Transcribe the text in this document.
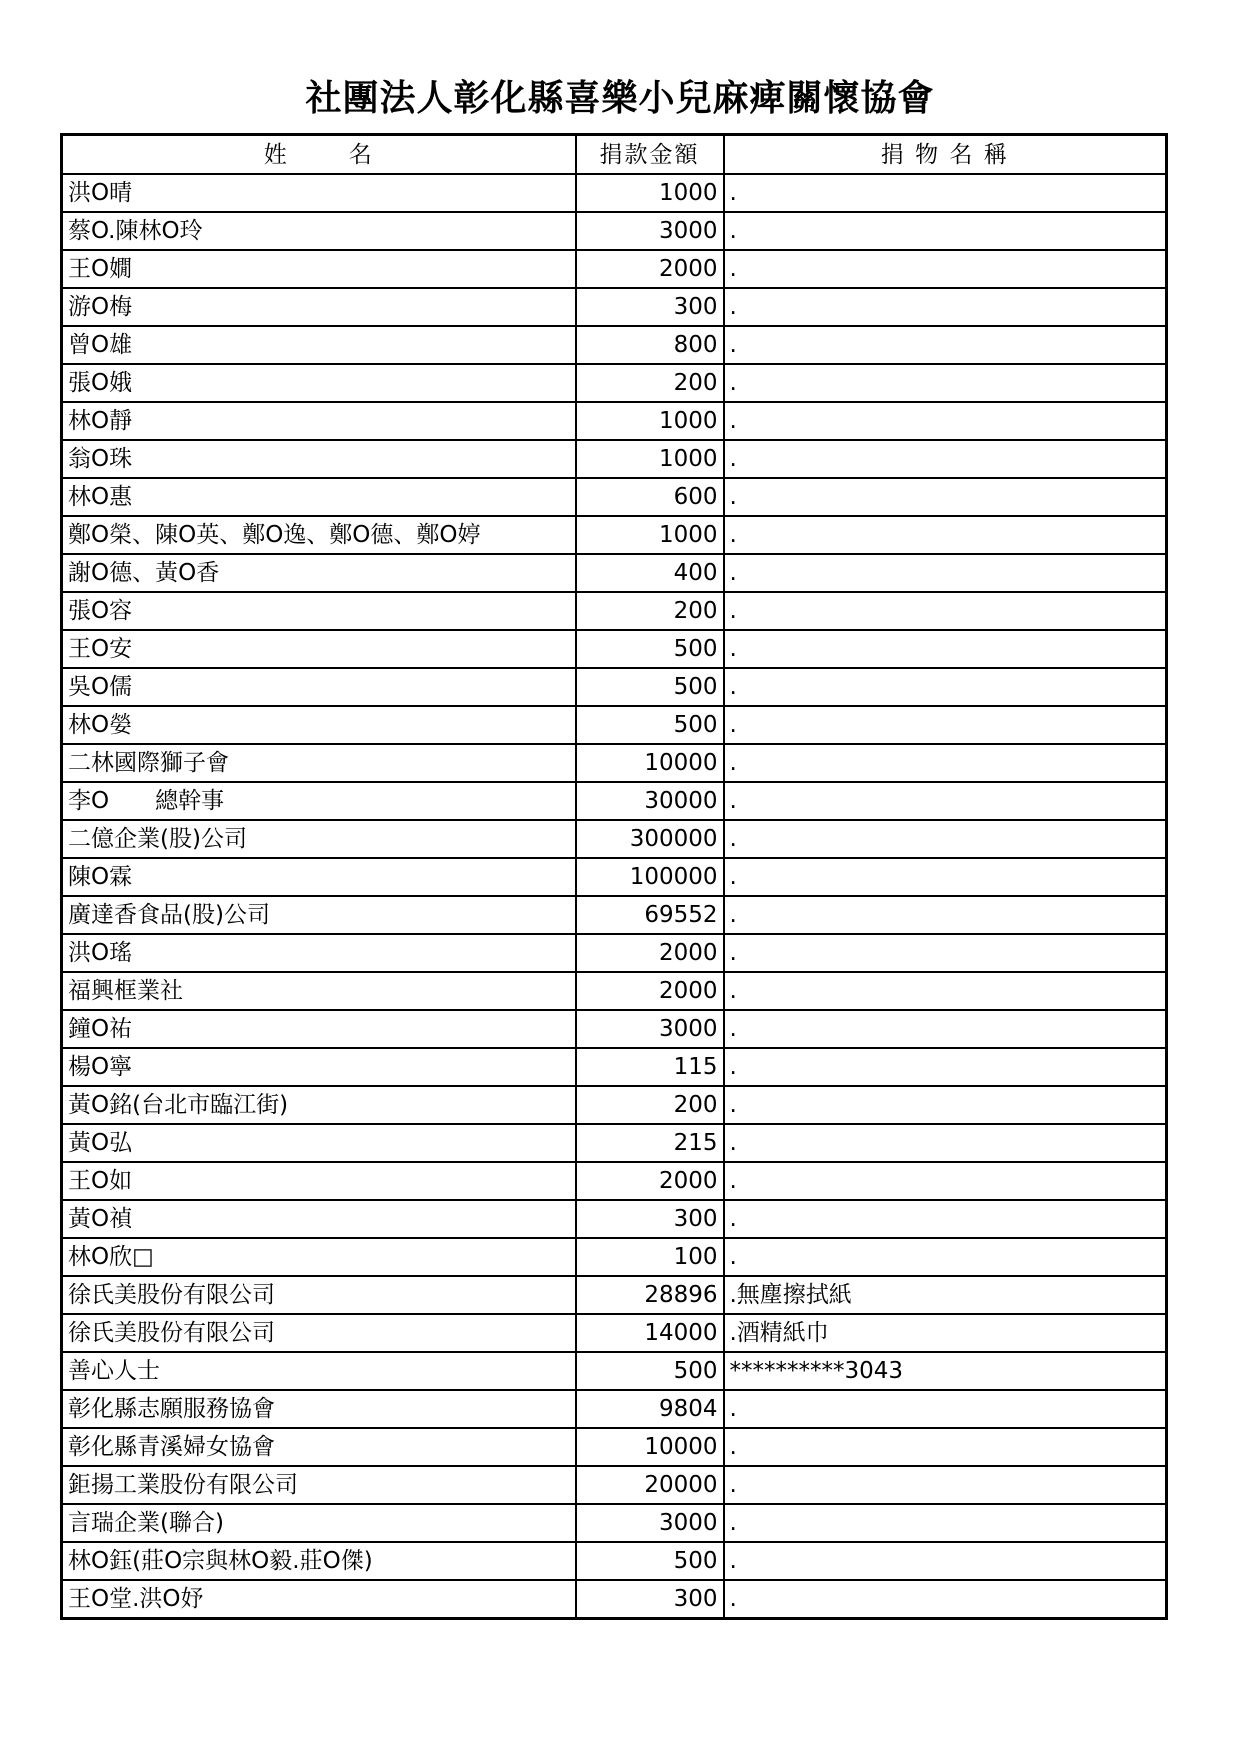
社團法人彰化縣喜樂小兒麻痺關懷協會
姓 名	捐款金額	捐 物 名 稱
洪O晴	1000	.
蔡O.陳林O玲	3000	.
王O嫺	2000	.
游O梅	300	.
曾O雄	800	.
張O娥	200	.
林O靜	1000	.
翁O珠	1000	.
林O惠	600	.
鄭O榮、陳O英、鄭O逸、鄭O德、鄭O婷	1000	.
謝O德、黃O香	400	.
張O容	200	.
王O安	500	.
吳O儒	500	.
林O嫈	500	.
二林國際獅子會	10000	.
李O　　總幹事	30000	.
二億企業(股)公司	300000	.
陳O霖	100000	.
廣達香食品(股)公司	69552	.
洪O瑤	2000	.
福興框業社	2000	.
鐘O祐	3000	.
楊O寧	115	.
黃O銘(台北市臨江街)	200	.
黃O弘	215	.
王O如	2000	.
黃O禎	300	.
林O欣□	100	.
徐氏美股份有限公司	28896	.無塵擦拭紙
徐氏美股份有限公司	14000	.酒精紙巾
善心人士	500	**********3043
彰化縣志願服務協會	9804	.
彰化縣青溪婦女協會	10000	.
鉅揚工業股份有限公司	20000	.
言瑞企業(聯合)	3000	.
林O鈺(莊O宗與林O毅.莊O傑)	500	.
王O堂.洪O妤	300	.
